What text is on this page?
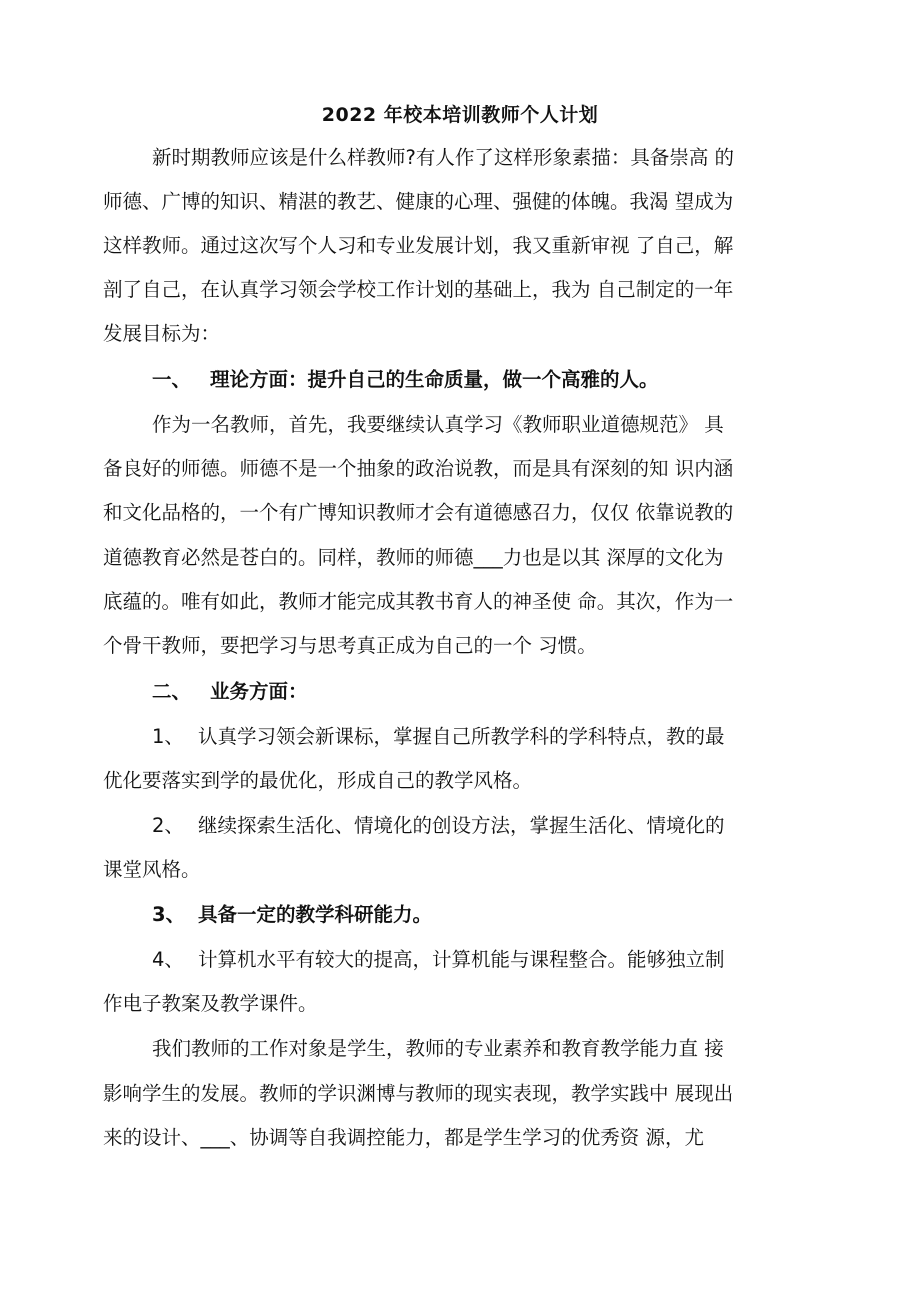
2022 年校本培训教师个人计划
新时期教师应该是什么样教师?有人作了这样形象素描：具备崇高 的
师德、广博的知识、精湛的教艺、健康的心理、强健的体魄。我渴 望成为
这样教师。通过这次写个人习和专业发展计划，我又重新审视 了自己，解
剖了自己，在认真学习领会学校工作计划的基础上，我为 自己制定的一年
发展目标为：
一、 理论方面：提升自己的生命质量，做一个高雅的人。
作为一名教师，首先，我要继续认真学习《教师职业道德规范》 具
备良好的师德。师德不是一个抽象的政治说教，而是具有深刻的知 识内涵
和文化品格的，一个有广博知识教师才会有道德感召力，仅仅 依靠说教的
道德教育必然是苍白的。同样，教师的师德___力也是以其 深厚的文化为
底蕴的。唯有如此，教师才能完成其教书育人的神圣使 命。其次，作为一
个骨干教师，要把学习与思考真正成为自己的一个 习惯。
二、 业务方面：
1、 认真学习领会新课标，掌握自己所教学科的学科特点，教的最
优化要落实到学的最优化，形成自己的教学风格。
2、 继续探索生活化、情境化的创设方法，掌握生活化、情境化的
课堂风格。
3、 具备一定的教学科研能力。
4、 计算机水平有较大的提高，计算机能与课程整合。能够独立制
作电子教案及教学课件。
我们教师的工作对象是学生，教师的专业素养和教育教学能力直 接
影响学生的发展。教师的学识渊博与教师的现实表现，教学实践中 展现出
来的设计、___、协调等自我调控能力，都是学生学习的优秀资 源，尤
